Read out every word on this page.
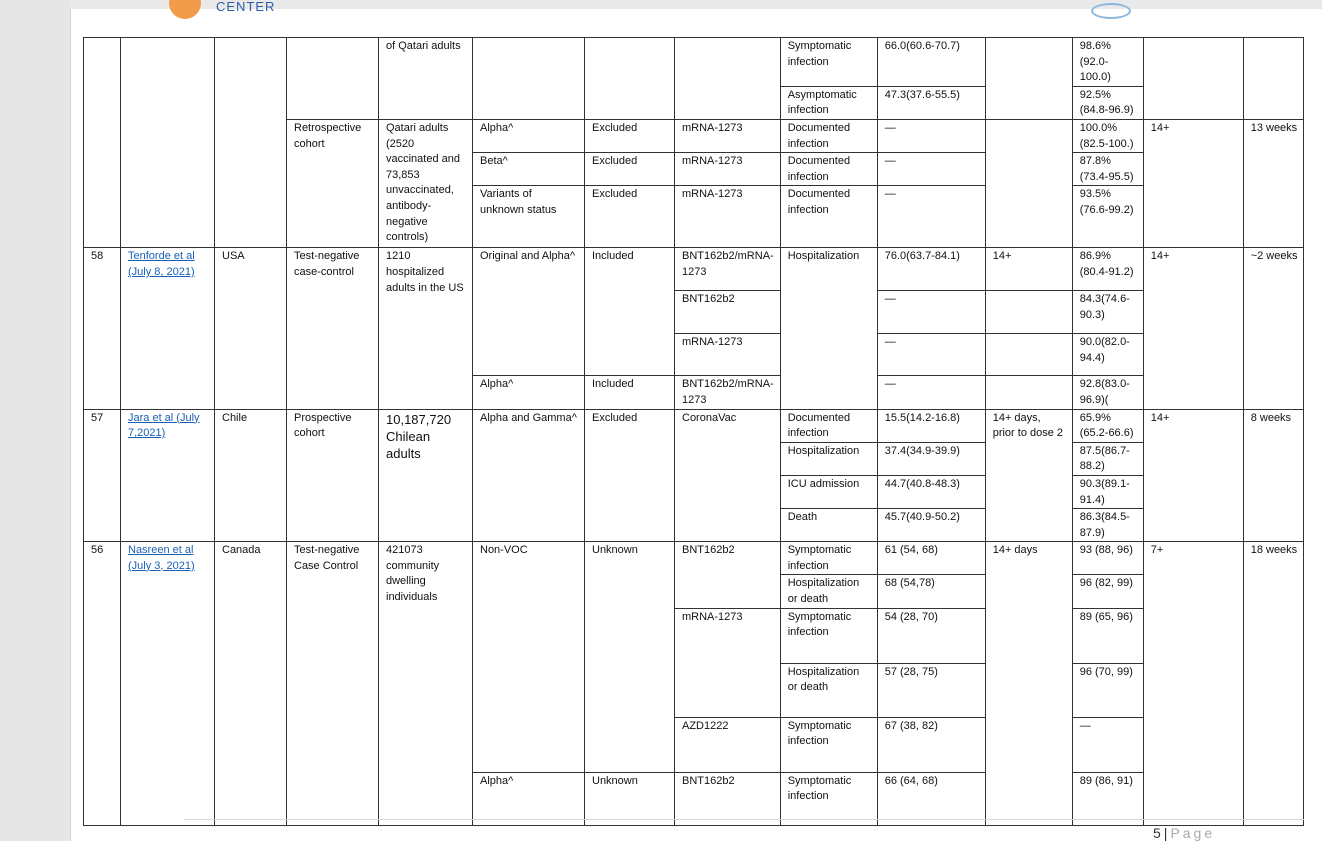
CENTER
				of Qatari adults				Symptomatic infection	66.0(60.6-70.7)		98.6% (92.0-100.0)		
								Asymptomatic infection	47.3(37.6-55.5)		92.5% (84.8-96.9)		
			Retrospective cohort	Qatari adults (2520 vaccinated and 73,853 unvaccinated, antibody-negative controls)	Alpha^	Excluded	mRNA-1273	Documented infection	—		100.0% (82.5-100.)	14+	13 weeks
					Beta^	Excluded	mRNA-1273	Documented infection	—		87.8% (73.4-95.5)		
					Variants of unknown status	Excluded	mRNA-1273	Documented infection	—		93.5% (76.6-99.2)		
58	Tenforde et al (July 8, 2021)	USA	Test-negative case-control	1210 hospitalized adults in the US	Original and Alpha^	Included	BNT162b2/mRNA-1273	Hospitalization	76.0(63.7-84.1)	14+	86.9% (80.4-91.2)	14+	~2 weeks
							BNT162b2		—		84.3(74.6-90.3)		
							mRNA-1273		—		90.0(82.0-94.4)		
					Alpha^	Included	BNT162b2/mRNA-1273		—		92.8(83.0-96.9)(		
57	Jara et al (July 7,2021)	Chile	Prospective cohort	10,187,720 Chilean adults	Alpha and Gamma^	Excluded	CoronaVac	Documented infection	15.5(14.2-16.8)	14+ days, prior to dose 2	65.9%(65.2-66.6)	14+	8 weeks
								Hospitalization	37.4(34.9-39.9)		87.5(86.7-88.2)		
								ICU admission	44.7(40.8-48.3)		90.3(89.1-91.4)		
								Death	45.7(40.9-50.2)		86.3(84.5-87.9)		
56	Nasreen et al (July 3, 2021)	Canada	Test-negative Case Control	421073 community dwelling individuals	Non-VOC	Unknown	BNT162b2	Symptomatic infection	61 (54, 68)	14+ days	93 (88, 96)	7+	18 weeks
								Hospitalization or death	68 (54,78)		96 (82, 99)		
							mRNA-1273	Symptomatic infection	54 (28, 70)		89 (65, 96)		
								Hospitalization or death	57 (28, 75)		96 (70, 99)		
							AZD1222	Symptomatic infection	67 (38, 82)		—		
					Alpha^	Unknown	BNT162b2	Symptomatic infection	66 (64, 68)		89 (86, 91)		
5 | Page
